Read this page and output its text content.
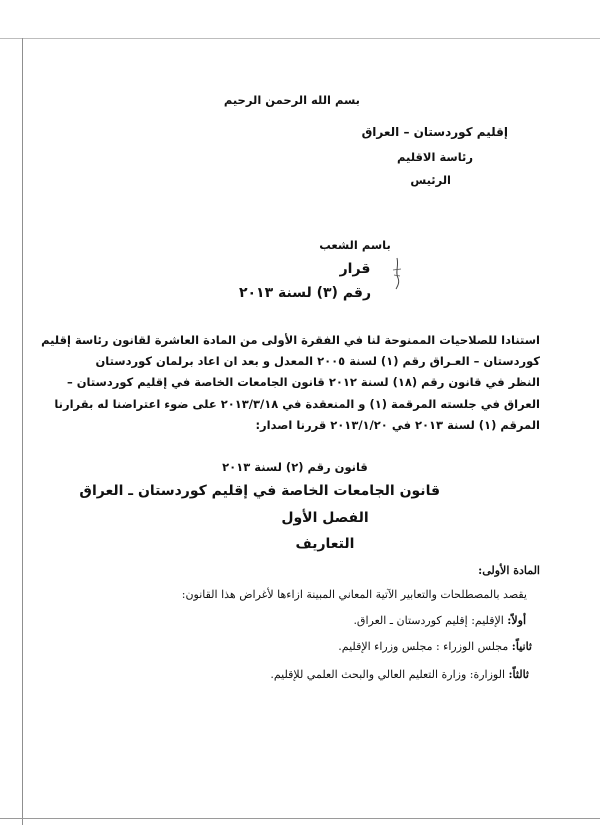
بسم الله الرحمن الرحيم
إقليم كوردستان – العراق
رئاسة الاقليم
الرئيس
باسم الشعب
قرار
رقم (٣) لسنة ٢٠١٣
استنادا للصلاحيات الممنوحة لنا في الفقرة الأولى من المادة العاشرة لقانون رئاسة إقليم
كوردستان – العـراق رقم (١) لسنة ٢٠٠٥ المعدل و بعد ان اعاد برلمان كوردستان
النظر في قانون رقم (١٨) لسنة ٢٠١٢ قانون الجامعات الخاصة في إقليم كوردستان –
العراق في جلسته المرقمة (١) و المنعقدة في ٢٠١٣/٣/١٨ على ضوء اعتراضنا له بقرارنا
المرقم (١) لسنة ٢٠١٣ في ٢٠١٣/١/٢٠ قررنا اصدار:
قانون رقم (٢) لسنة ٢٠١٣
قانون الجامعات الخاصة في إقليم كوردستان ـ العراق
الفصل الأول
التعاريف
المادة الأولى:
يقصد بالمصطلحات والتعابير الآتية المعاني المبينة ازاءها لأغراض هذا القانون:
أولاً: الإقليم: إقليم كوردستان ـ العراق.
ثانياً: مجلس الوزراء : مجلس وزراء الإقليم.
ثالثاً: الوزارة: وزارة التعليم العالي والبحث العلمي للإقليم.
